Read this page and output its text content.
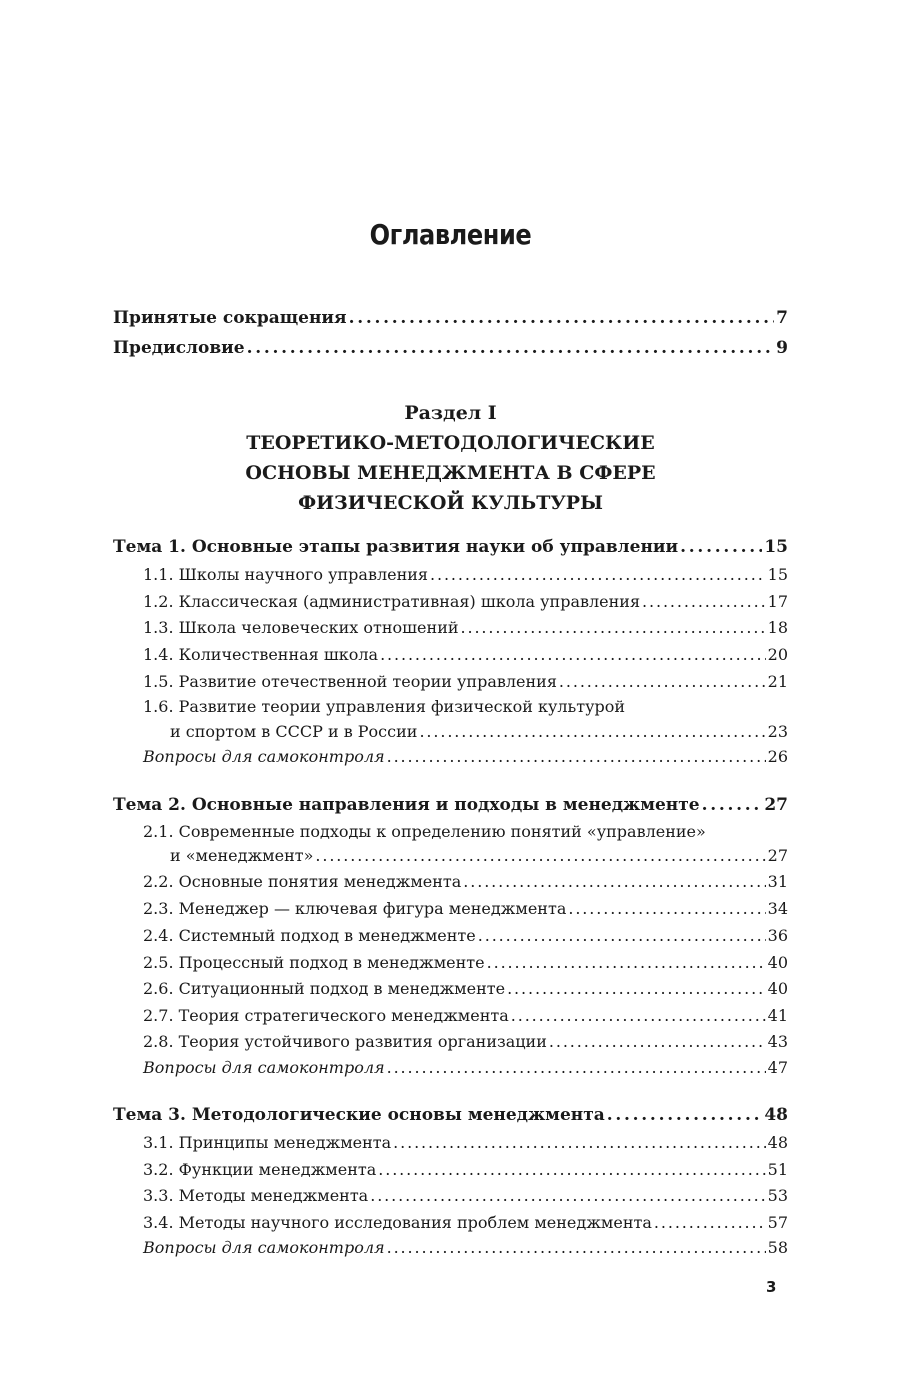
Оглавление
Принятые сокращения . . .	7
Предисловие . . .	9
Раздел I
ТЕОРЕТИКО-МЕТОДОЛОГИЧЕСКИЕ
ОСНОВЫ МЕНЕДЖМЕНТА В СФЕРЕ
ФИЗИЧЕСКОЙ КУЛЬТУРЫ
Тема 1. Основные этапы развития науки об управлении . . .	15
1.1. Школы научного управления . . .	15
1.2. Классическая (административная) школа управления . . .	17
1.3. Школа человеческих отношений . . .	18
1.4. Количественная школа . . .	20
1.5. Развитие отечественной теории управления . . .	21
1.6. Развитие теории управления физической культурой
и спортом в СССР и в России . . .	23
Вопросы для самоконтроля . . .	26
Тема 2. Основные направления и подходы в менеджменте . . .	27
2.1. Современные подходы к определению понятий «управление»
и «менеджмент» . . .	27
2.2. Основные понятия менеджмента . . .	31
2.3. Менеджер — ключевая фигура менеджмента . . .	34
2.4. Системный подход в менеджменте . . .	36
2.5. Процессный подход в менеджменте . . .	40
2.6. Ситуационный подход в менеджменте . . .	40
2.7. Теория стратегического менеджмента . . .	41
2.8. Теория устойчивого развития организации . . .	43
Вопросы для самоконтроля . . .	47
Тема 3. Методологические основы менеджмента . . .	48
3.1. Принципы менеджмента . . .	48
3.2. Функции менеджмента . . .	51
3.3. Методы менеджмента . . .	53
3.4. Методы научного исследования проблем менеджмента . . .	57
Вопросы для самоконтроля . . .	58
3
